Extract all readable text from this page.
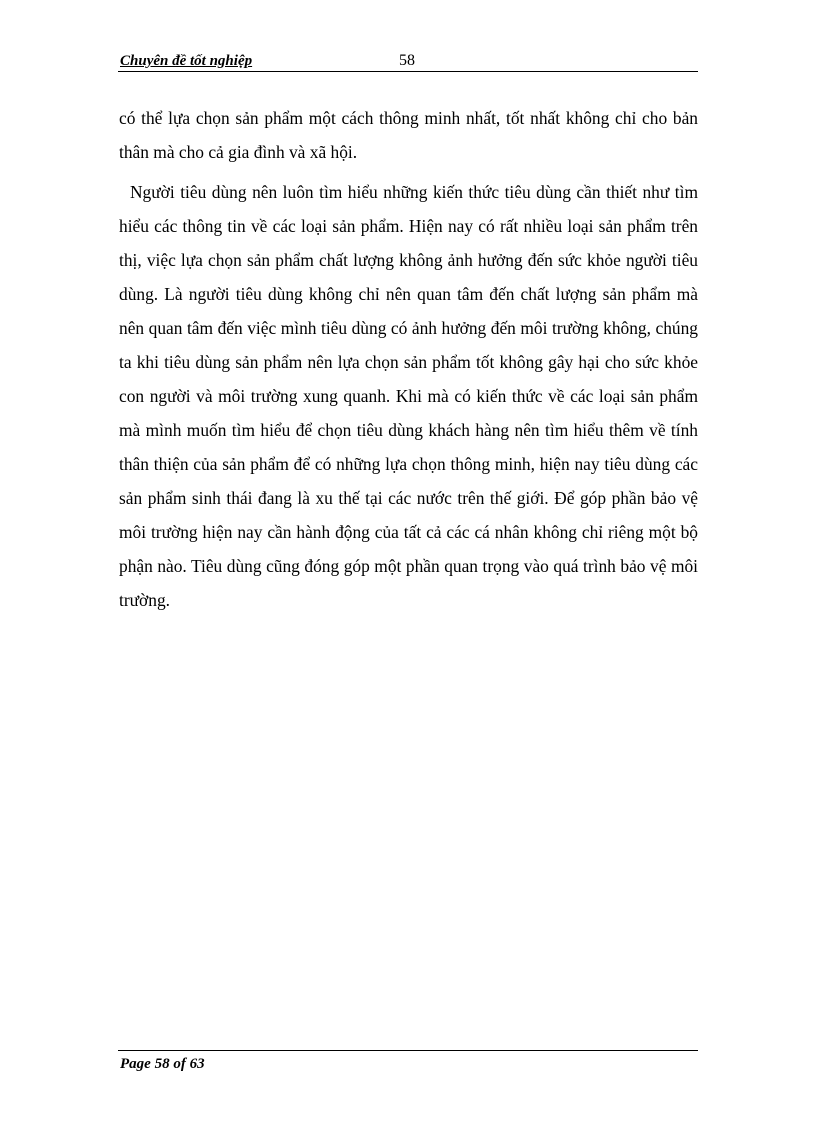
Chuyên đề tốt nghiệp	58

có thể lựa chọn sản phẩm một cách thông minh nhất, tốt nhất không chỉ cho bản thân mà cho cả gia đình và xã hội.

Người tiêu dùng nên luôn tìm hiểu những kiến thức tiêu dùng cần thiết như tìm hiểu các thông tin về các loại sản phẩm. Hiện nay có rất nhiều loại sản phẩm trên thị, việc lựa chọn sản phẩm chất lượng không ảnh hưởng đến sức khỏe người tiêu dùng. Là người tiêu dùng không chỉ nên quan tâm đến chất lượng sản phẩm mà nên quan tâm đến việc mình tiêu dùng có ảnh hưởng đến môi trường không, chúng ta khi tiêu dùng sản phẩm nên lựa chọn sản phẩm tốt không gây hại cho sức khỏe con người và môi trường xung quanh. Khi mà có kiến thức về các loại sản phẩm mà mình muốn tìm hiểu để chọn tiêu dùng khách hàng nên tìm hiểu thêm về tính thân thiện của sản phẩm để có những lựa chọn thông minh, hiện nay tiêu dùng các sản phẩm sinh thái đang là xu thế tại các nước trên thế giới. Để góp phần bảo vệ môi trường hiện nay cần hành động của tất cả các cá nhân không chỉ riêng một bộ phận nào. Tiêu dùng cũng đóng góp một phần quan trọng vào quá trình bảo vệ môi trường.

Page 58 of 63
